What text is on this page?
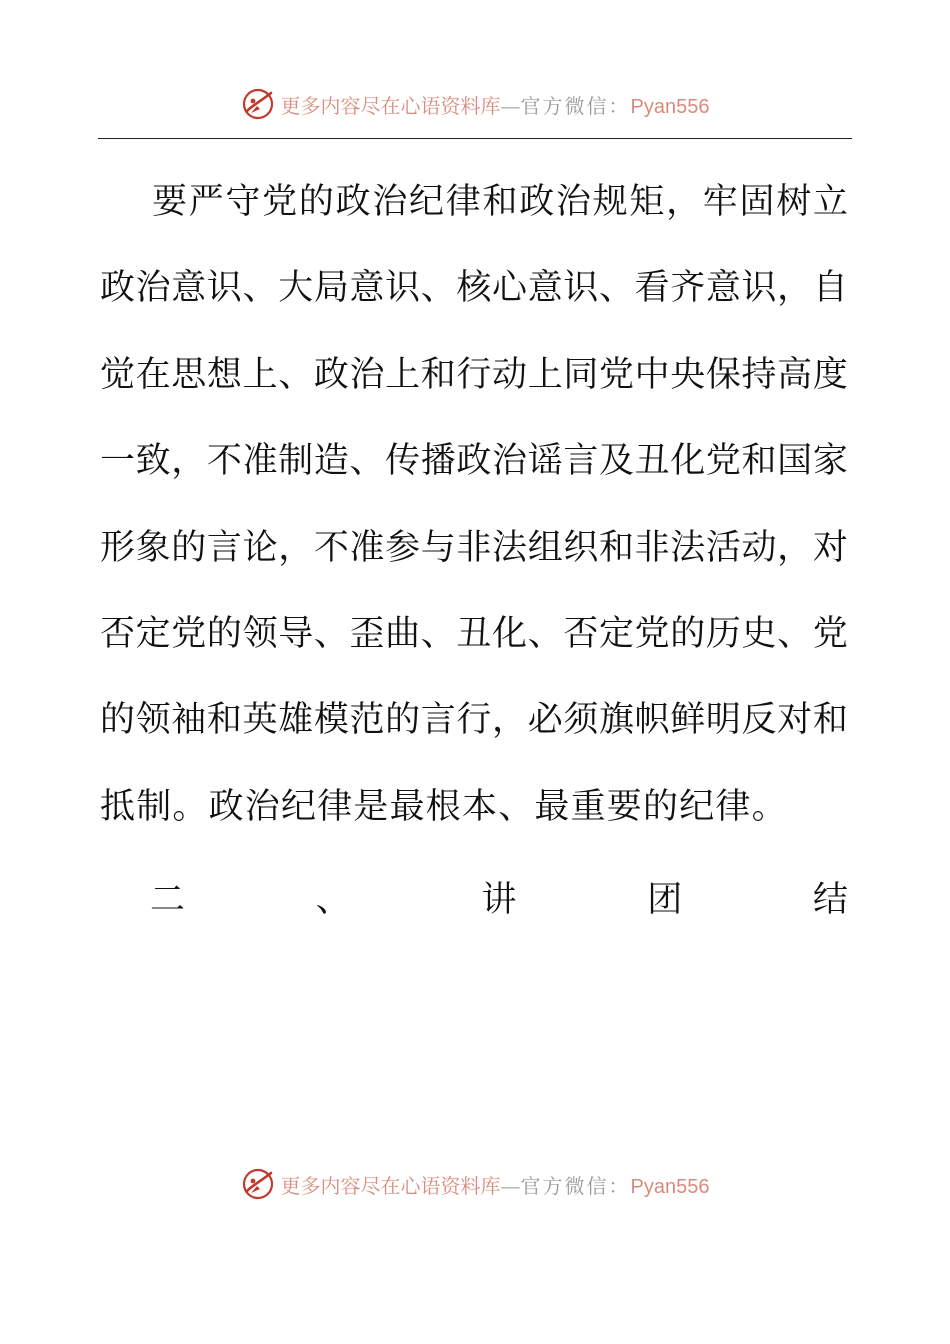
更多内容尽在心语资料库—官方微信：Pyan556
要 严 守 党 的 政 治 纪 律 和 政 治 规 矩 ， 牢 固 树 立
政 治 意 识 、 大 局 意 识 、 核 心 意 识 、 看 齐 意 识 ， 自
觉 在 思 想 上 、 政 治 上 和 行 动 上 同 党 中 央 保 持 高 度
一 致 ， 不 准 制 造 、 传 播 政 治 谣 言 及 丑 化 党 和 国 家
形 象 的 言 论 ， 不 准 参 与 非 法 组 织 和 非 法 活 动 ， 对
否 定 党 的 领 导 、 歪 曲 、 丑 化 、 否 定 党 的 历 史 、 党
的 领 袖 和 英 雄 模 范 的 言 行 ， 必 须 旗 帜 鲜 明 反 对 和
抵制。政治纪律是最根本、最重要的纪律。
二	、	讲	团	结
更多内容尽在心语资料库—官方微信：Pyan556
